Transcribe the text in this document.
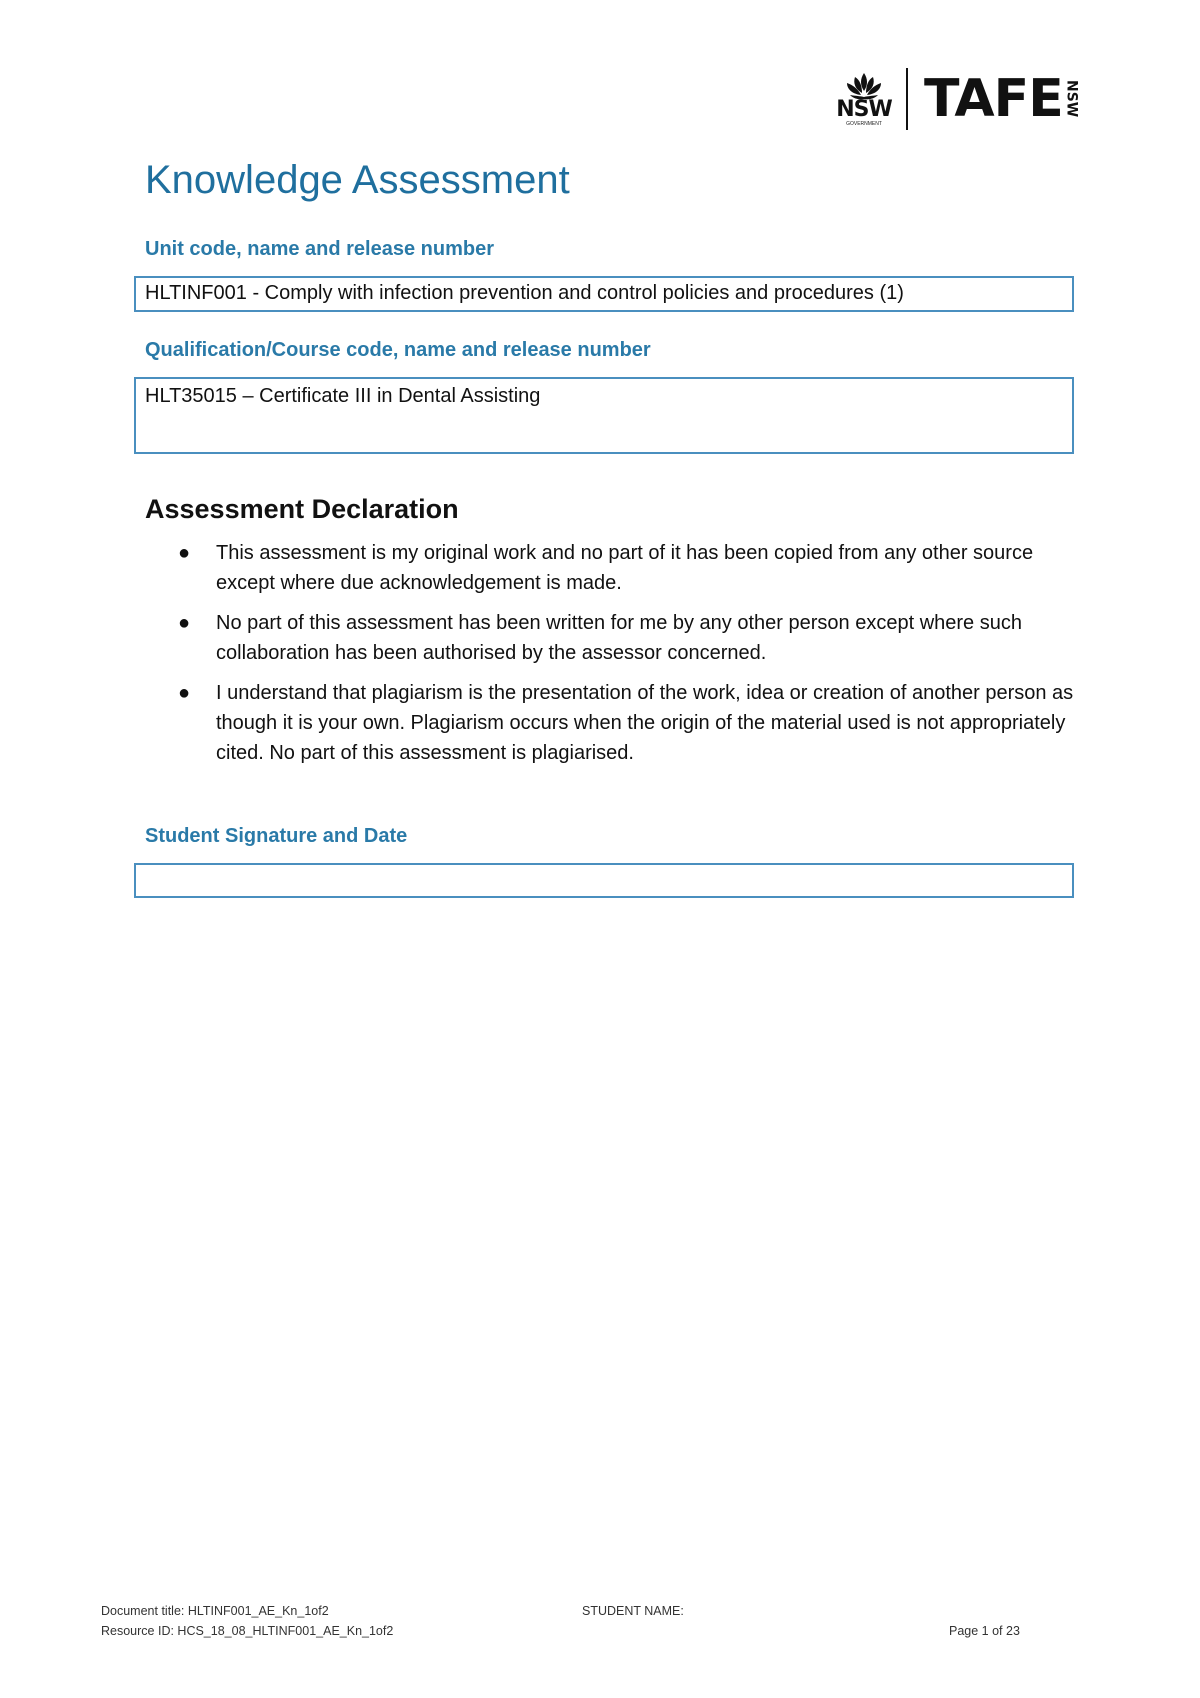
NSW
GOVERNMENT TAFE NSW
Knowledge Assessment
Unit code, name and release number
HLTINF001 - Comply with infection prevention and control policies and procedures (1)
Qualification/Course code, name and release number
HLT35015 – Certificate III in Dental Assisting
Assessment Declaration
● This assessment is my original work and no part of it has been copied from any other source except where due acknowledgement is made.
● No part of this assessment has been written for me by any other person except where such collaboration has been authorised by the assessor concerned.
● I understand that plagiarism is the presentation of the work, idea or creation of another person as though it is your own. Plagiarism occurs when the origin of the material used is not appropriately cited. No part of this assessment is plagiarised.
Student Signature and Date
Document title: HLTINF001_AE_Kn_1of2
Resource ID: HCS_18_08_HLTINF001_AE_Kn_1of2
STUDENT NAME:
Page 1 of 23
